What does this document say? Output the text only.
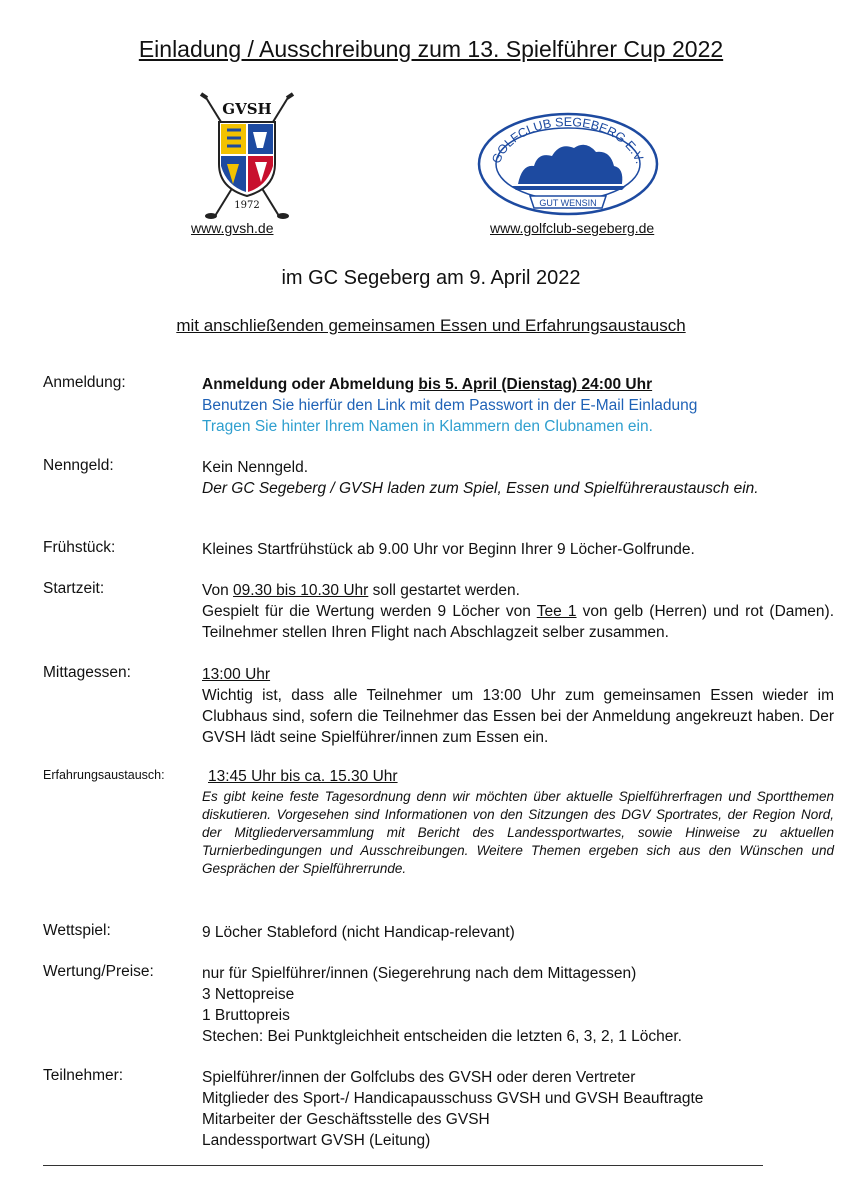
Einladung / Ausschreibung zum 13. Spielführer Cup 2022
GVSH
1972
www.gvsh.de
GOLFCLUB SEGEBERG E.V.
GUT WENSIN
www.golfclub-segeberg.de
im GC Segeberg am 9. April 2022
mit anschließenden gemeinsamen Essen und Erfahrungsaustausch
Anmeldung:	Anmeldung oder Abmeldung bis 5. April (Dienstag) 24:00 Uhr

Benutzen Sie hierfür den Link mit dem Passwort in der E-Mail Einladung

Tragen Sie hinter Ihrem Namen in Klammern den Clubnamen ein.

Nenngeld:	Kein Nenngeld.

Der GC Segeberg / GVSH laden zum Spiel, Essen und Spielführeraustausch ein.

Frühstück:	Kleines Startfrühstück ab 9.00 Uhr vor Beginn Ihrer 9 Löcher-Golfrunde.
Startzeit:	Von 09.30 bis 10.30 Uhr soll gestartet werden.

Gespielt für die Wertung werden 9 Löcher von Tee 1 von gelb (Herren) und rot (Damen). Teilnehmer stellen Ihren Flight nach Abschlagzeit selber zusammen.

Mittagessen:	13:00 Uhr

Wichtig ist, dass alle Teilnehmer um 13:00 Uhr zum gemeinsamen Essen wieder im Clubhaus sind, sofern die Teilnehmer das Essen bei der Anmeldung angekreuzt haben. Der GVSH lädt seine Spielführer/innen zum Essen ein.

Erfahrungsaustausch:	13:45 Uhr bis ca. 15.30 Uhr
Es gibt keine feste Tagesordnung denn wir möchten über aktuelle Spielführerfragen und Sportthemen diskutieren. Vorgesehen sind Informationen von den Sitzungen des DGV Sportrates, der Region Nord, der Mitgliederversammlung mit Bericht des Landessportwartes, sowie Hinweise zu aktuellen Turnierbedingungen und Ausschreibungen. Weitere Themen ergeben sich aus den Wünschen und Gesprächen der Spielführerrunde.
Wettspiel:	9 Löcher Stableford (nicht Handicap-relevant)
Wertung/Preise:	nur für Spielführer/innen (Siegerehrung nach dem Mittagessen)

3 Nettopreise

1 Bruttopreis

Stechen: Bei Punktgleichheit entscheiden die letzten 6, 3, 2, 1 Löcher.

Teilnehmer:	Spielführer/innen der Golfclubs des GVSH oder deren Vertreter

Mitglieder des Sport-/ Handicapausschuss GVSH und GVSH Beauftragte

Mitarbeiter der Geschäftsstelle des GVSH

Landessportwart GVSH (Leitung)
